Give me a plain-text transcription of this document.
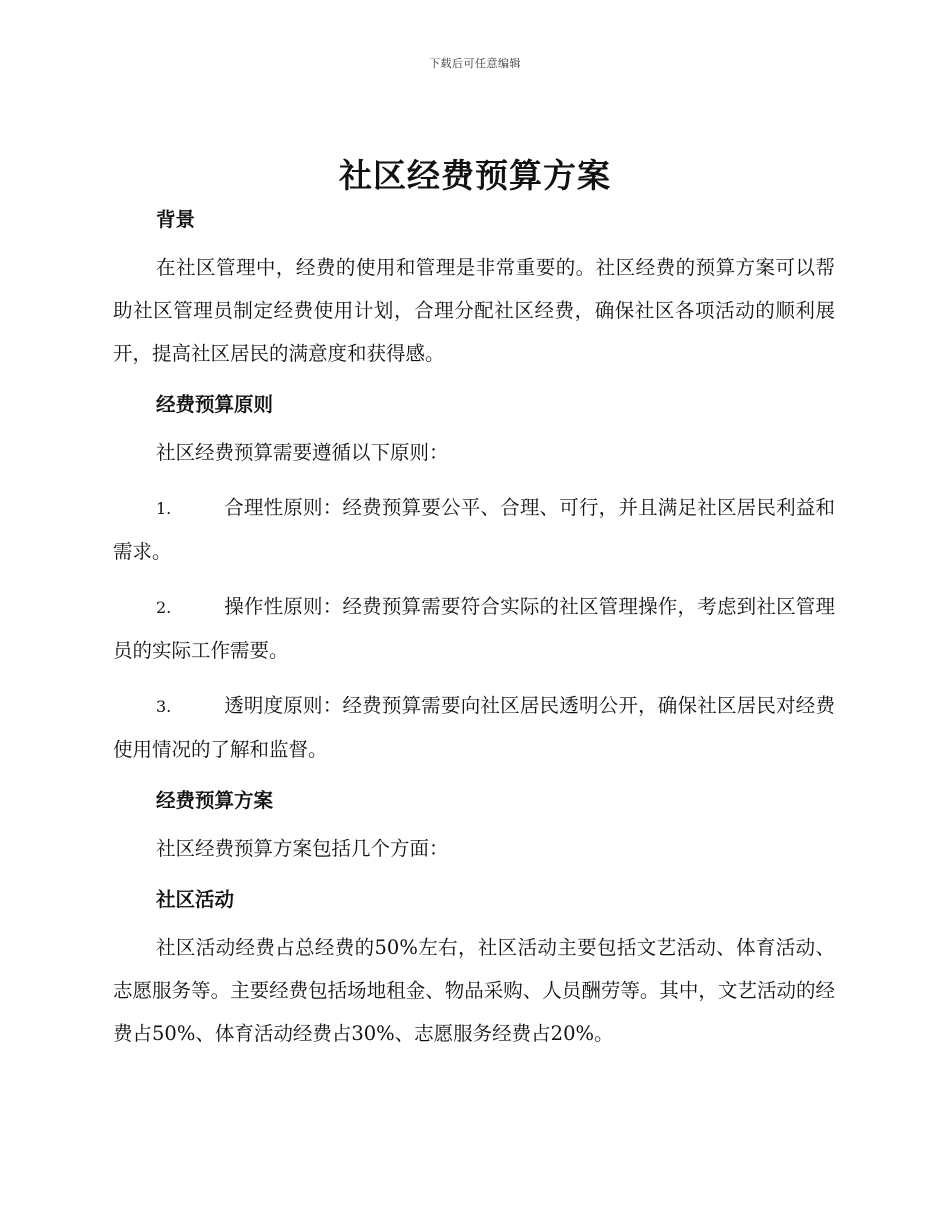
下载后可任意编辑
社区经费预算方案

背景

在社区管理中，经费的使用和管理是非常重要的。社区经费的预算方案可以帮助社区管理员制定经费使用计划，合理分配社区经费，确保社区各项活动的顺利展开，提高社区居民的满意度和获得感。

经费预算原则

社区经费预算需要遵循以下原则：

1.	合理性原则：经费预算要公平、合理、可行，并且满足社区居民利益和需求。

2.	操作性原则：经费预算需要符合实际的社区管理操作，考虑到社区管理员的实际工作需要。

3.	透明度原则：经费预算需要向社区居民透明公开，确保社区居民对经费使用情况的了解和监督。

经费预算方案

社区经费预算方案包括几个方面：

社区活动

社区活动经费占总经费的50%左右，社区活动主要包括文艺活动、体育活动、志愿服务等。主要经费包括场地租金、物品采购、人员酬劳等。其中，文艺活动的经费占50%、体育活动经费占30%、志愿服务经费占20%。
